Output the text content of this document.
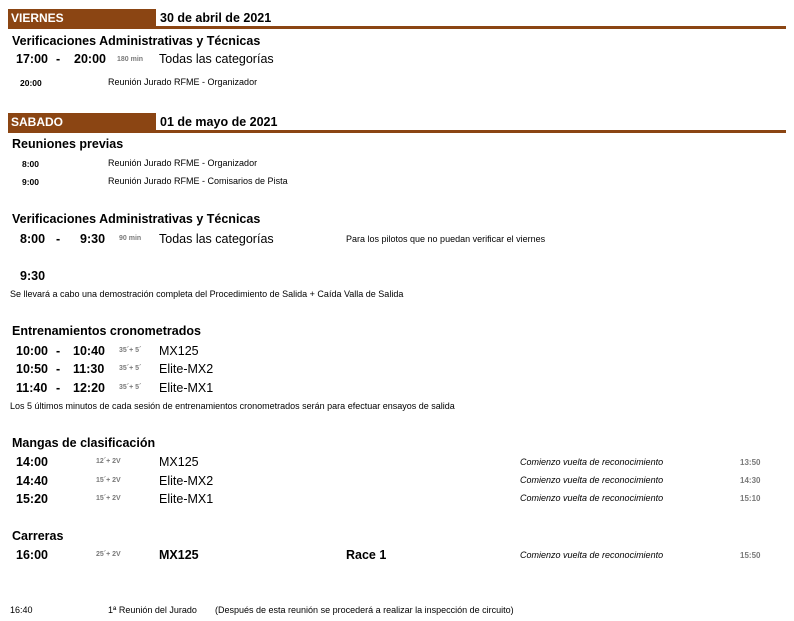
VIERNES	30 de abril de 2021
Verificaciones Administrativas y Técnicas
17:00 - 20:00 180 min Todas las categorías
20:00	Reunión Jurado RFME - Organizador
SABADO	01 de mayo de 2021
Reuniones previas
8:00	Reunión Jurado RFME - Organizador
9:00	Reunión Jurado RFME - Comisarios de Pista
Verificaciones Administrativas y Técnicas
8:00 - 9:30 90 min Todas las categorías	Para los pilotos que no puedan verificar el viernes
9:30
Se llevará a cabo una demostración completa del Procedimiento de Salida + Caída Valla de Salida
Entrenamientos cronometrados
10:00 - 10:40 35´+ 5´ MX125
10:50 - 11:30 35´+ 5´ Elite-MX2
11:40 - 12:20 35´+ 5´ Elite-MX1
Los 5 últimos minutos de cada sesión de entrenamientos cronometrados serán para efectuar ensayos de salida
Mangas de clasificación
14:00	12´+ 2V	MX125	Comienzo vuelta de reconocimiento	13:50
14:40	15´+ 2V	Elite-MX2	Comienzo vuelta de reconocimiento	14:30
15:20	15´+ 2V	Elite-MX1	Comienzo vuelta de reconocimiento	15:10
Carreras
16:00	25´+ 2V	MX125	Race 1	Comienzo vuelta de reconocimiento	15:50
16:40	1ª Reunión del Jurado (Después de esta reunión se procederá a realizar la inspección de circuito)
